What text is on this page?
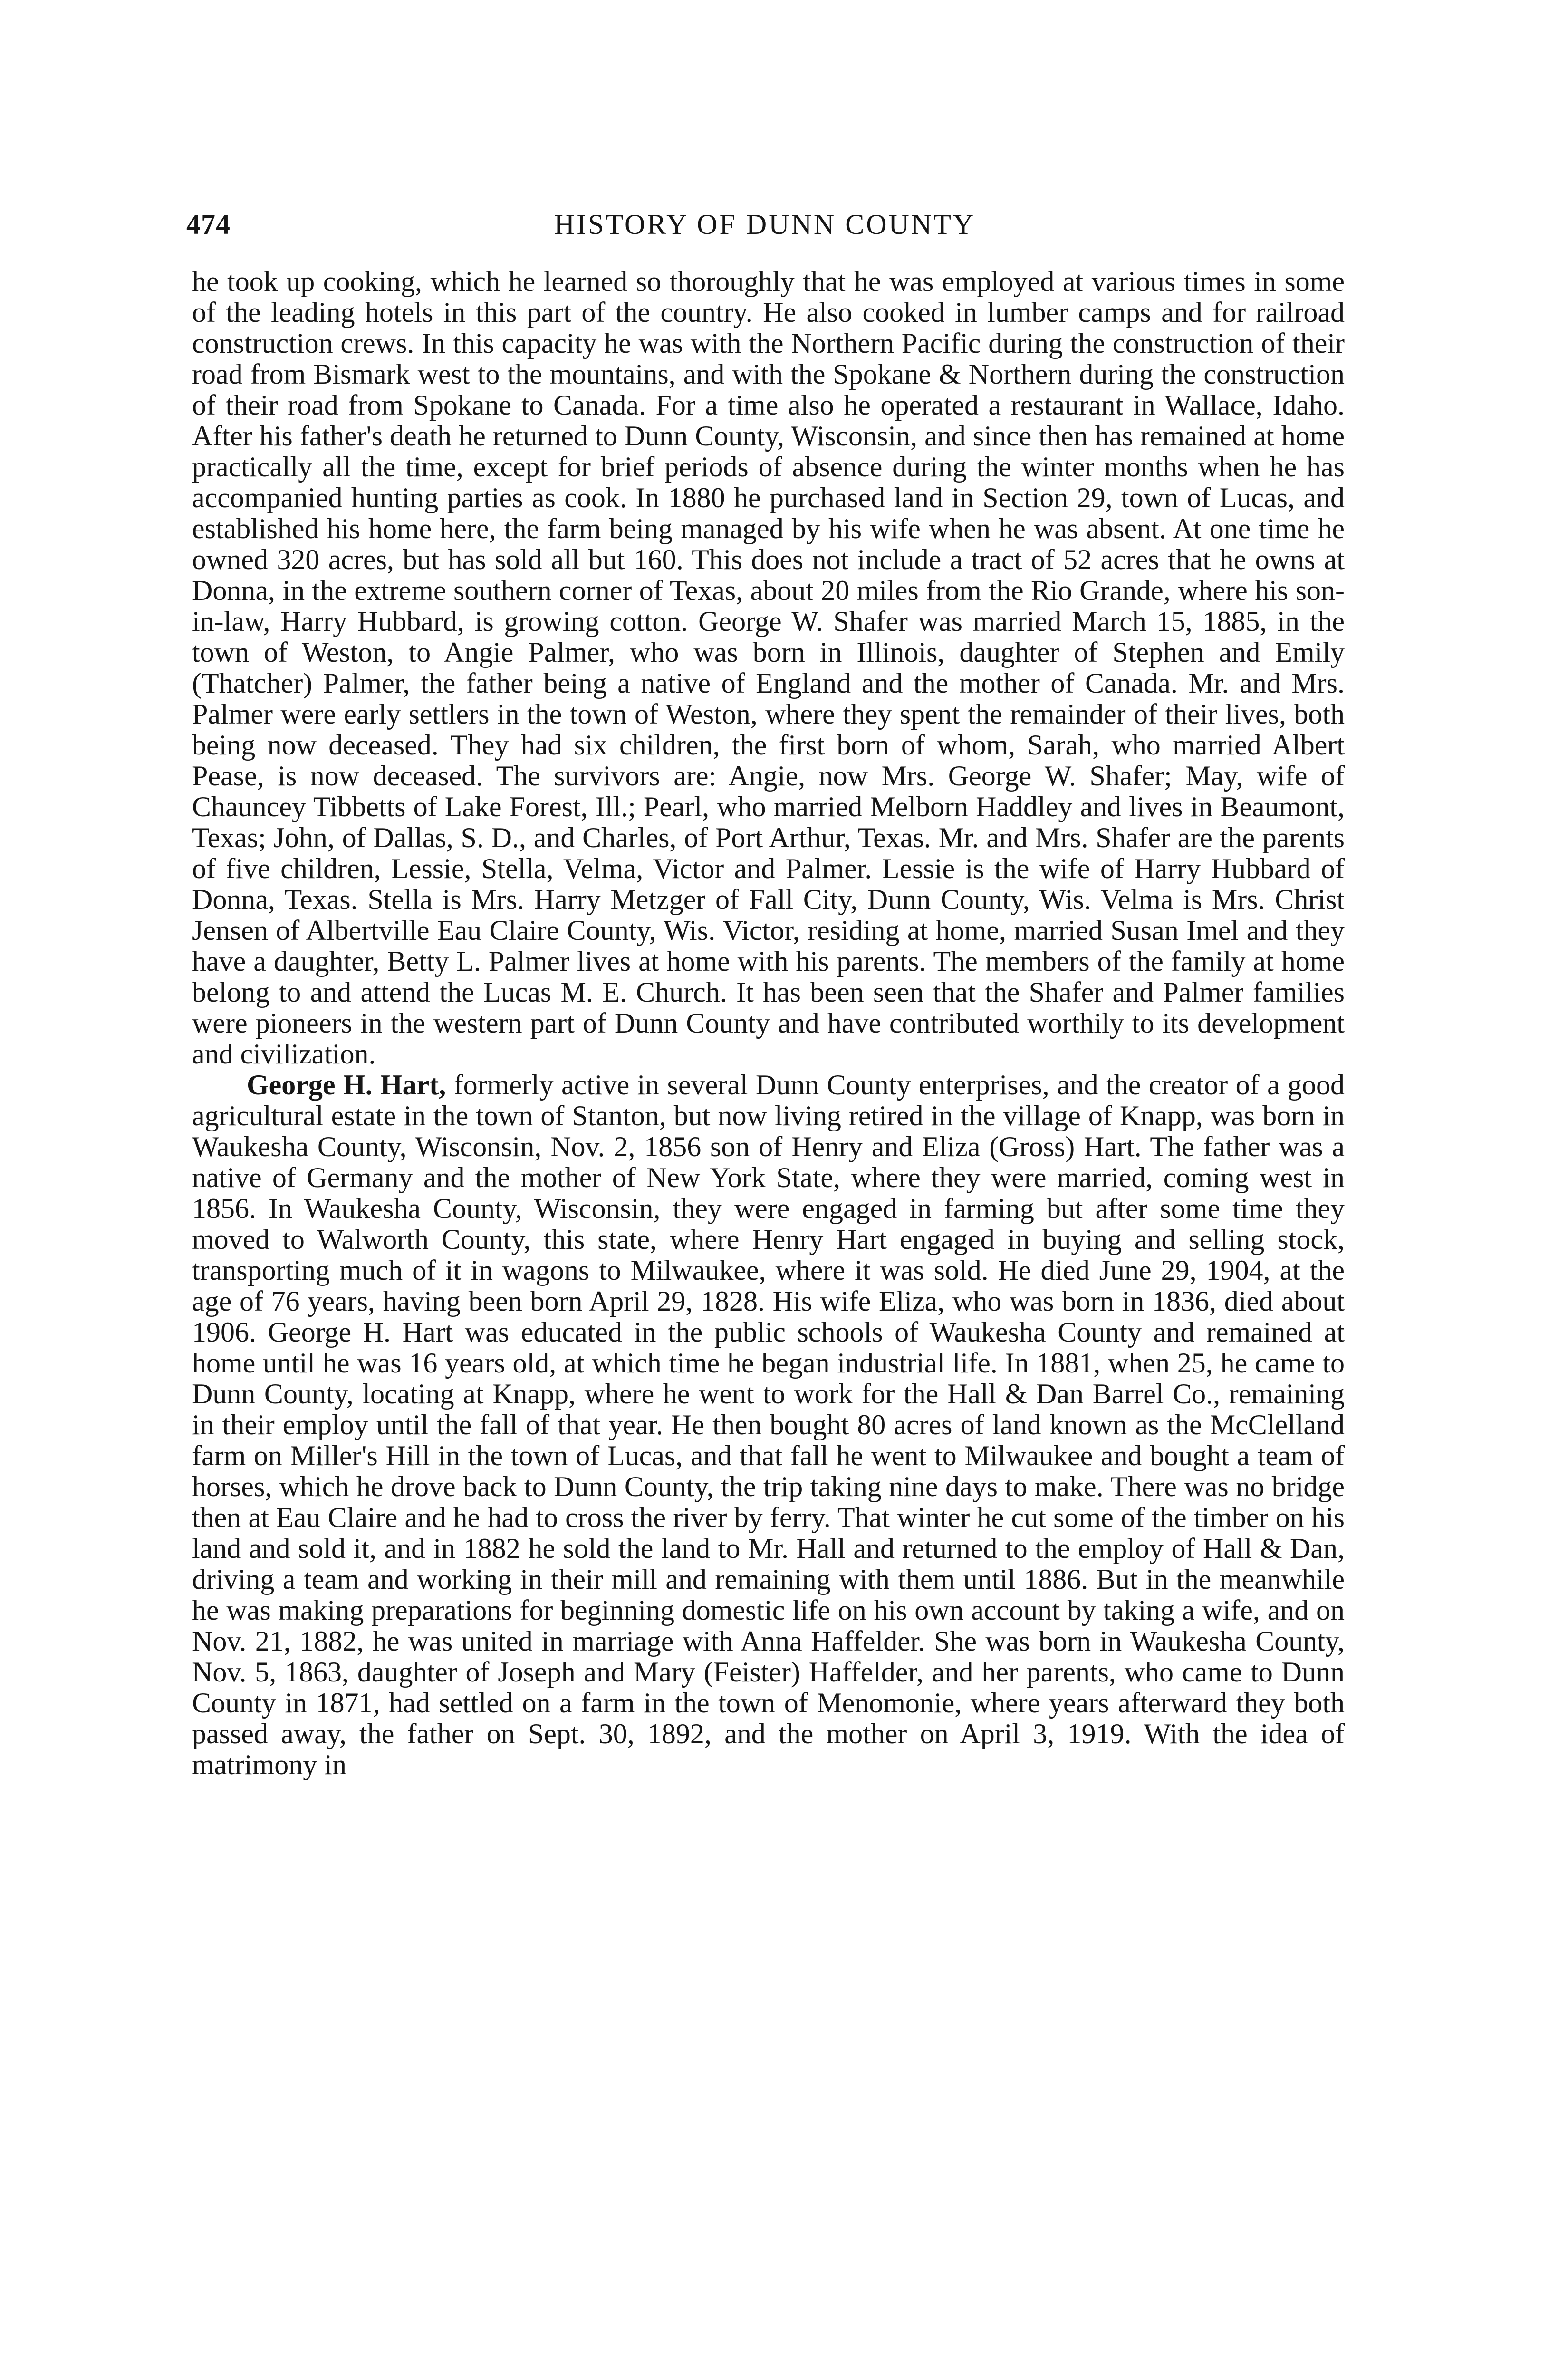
474	HISTORY OF DUNN COUNTY

he took up cooking, which he learned so thoroughly that he was employed at various times in some of the leading hotels in this part of the country. He also cooked in lumber camps and for railroad construction crews. In this capacity he was with the Northern Pacific during the construction of their road from Bismark west to the mountains, and with the Spokane & Northern during the construction of their road from Spokane to Canada. For a time also he operated a restaurant in Wallace, Idaho. After his father's death he returned to Dunn County, Wisconsin, and since then has remained at home practically all the time, except for brief periods of absence during the winter months when he has accompanied hunting parties as cook. In 1880 he purchased land in Section 29, town of Lucas, and established his home here, the farm being managed by his wife when he was absent. At one time he owned 320 acres, but has sold all but 160. This does not include a tract of 52 acres that he owns at Donna, in the extreme southern corner of Texas, about 20 miles from the Rio Grande, where his son-in-law, Harry Hubbard, is growing cotton. George W. Shafer was married March 15, 1885, in the town of Weston, to Angie Palmer, who was born in Illinois, daughter of Stephen and Emily (Thatcher) Palmer, the father being a native of England and the mother of Canada. Mr. and Mrs. Palmer were early settlers in the town of Weston, where they spent the remainder of their lives, both being now deceased. They had six children, the first born of whom, Sarah, who married Albert Pease, is now deceased. The survivors are: Angie, now Mrs. George W. Shafer; May, wife of Chauncey Tibbetts of Lake Forest, Ill.; Pearl, who married Melborn Haddley and lives in Beaumont, Texas; John, of Dallas, S. D., and Charles, of Port Arthur, Texas. Mr. and Mrs. Shafer are the parents of five children, Lessie, Stella, Velma, Victor and Palmer. Lessie is the wife of Harry Hubbard of Donna, Texas. Stella is Mrs. Harry Metzger of Fall City, Dunn County, Wis. Velma is Mrs. Christ Jensen of Albertville Eau Claire County, Wis. Victor, residing at home, married Susan Imel and they have a daughter, Betty L. Palmer lives at home with his parents. The members of the family at home belong to and attend the Lucas M. E. Church. It has been seen that the Shafer and Palmer families were pioneers in the western part of Dunn County and have contributed worthily to its development and civilization.

George H. Hart, formerly active in several Dunn County enterprises, and the creator of a good agricultural estate in the town of Stanton, but now living retired in the village of Knapp, was born in Waukesha County, Wisconsin, Nov. 2, 1856 son of Henry and Eliza (Gross) Hart. The father was a native of Germany and the mother of New York State, where they were married, coming west in 1856. In Waukesha County, Wisconsin, they were engaged in farming but after some time they moved to Walworth County, this state, where Henry Hart engaged in buying and selling stock, transporting much of it in wagons to Milwaukee, where it was sold. He died June 29, 1904, at the age of 76 years, having been born April 29, 1828. His wife Eliza, who was born in 1836, died about 1906. George H. Hart was educated in the public schools of Waukesha County and remained at home until he was 16 years old, at which time he began industrial life. In 1881, when 25, he came to Dunn County, locating at Knapp, where he went to work for the Hall & Dan Barrel Co., remaining in their employ until the fall of that year. He then bought 80 acres of land known as the McClelland farm on Miller's Hill in the town of Lucas, and that fall he went to Milwaukee and bought a team of horses, which he drove back to Dunn County, the trip taking nine days to make. There was no bridge then at Eau Claire and he had to cross the river by ferry. That winter he cut some of the timber on his land and sold it, and in 1882 he sold the land to Mr. Hall and returned to the employ of Hall & Dan, driving a team and working in their mill and remaining with them until 1886. But in the meanwhile he was making preparations for beginning domestic life on his own account by taking a wife, and on Nov. 21, 1882, he was united in marriage with Anna Haffelder. She was born in Waukesha County, Nov. 5, 1863, daughter of Joseph and Mary (Feister) Haffelder, and her parents, who came to Dunn County in 1871, had settled on a farm in the town of Menomonie, where years afterward they both passed away, the father on Sept. 30, 1892, and the mother on April 3, 1919. With the idea of matrimony in
